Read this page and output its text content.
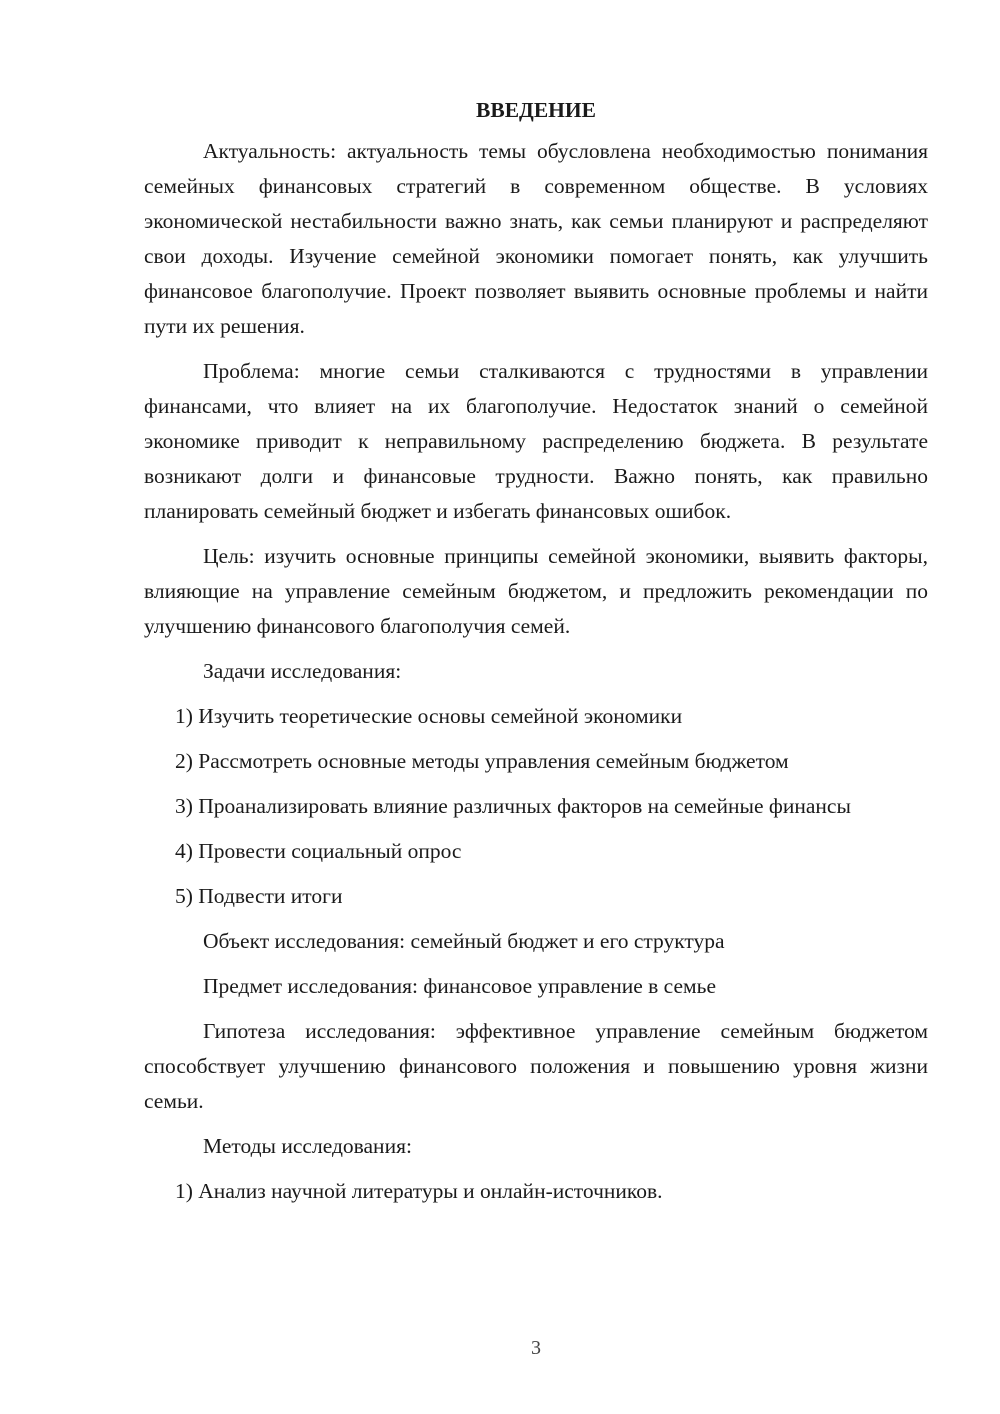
ВВЕДЕНИЕ

Актуальность: актуальность темы обусловлена необходимостью понимания семейных финансовых стратегий в современном обществе. В условиях экономической нестабильности важно знать, как семьи планируют и распределяют свои доходы. Изучение семейной экономики помогает понять, как улучшить финансовое благополучие. Проект позволяет выявить основные проблемы и найти пути их решения.

Проблема: многие семьи сталкиваются с трудностями в управлении финансами, что влияет на их благополучие. Недостаток знаний о семейной экономике приводит к неправильному распределению бюджета. В результате возникают долги и финансовые трудности. Важно понять, как правильно планировать семейный бюджет и избегать финансовых ошибок.

Цель: изучить основные принципы семейной экономики, выявить факторы, влияющие на управление семейным бюджетом, и предложить рекомендации по улучшению финансового благополучия семей.

Задачи исследования:

1) Изучить теоретические основы семейной экономики

2) Рассмотреть основные методы управления семейным бюджетом

3) Проанализировать влияние различных факторов на семейные финансы

4) Провести социальный опрос

5) Подвести итоги

Объект исследования: семейный бюджет и его структура

Предмет исследования: финансовое управление в семье

Гипотеза исследования: эффективное управление семейным бюджетом способствует улучшению финансового положения и повышению уровня жизни семьи.

Методы исследования:

1) Анализ научной литературы и онлайн-источников.

3
